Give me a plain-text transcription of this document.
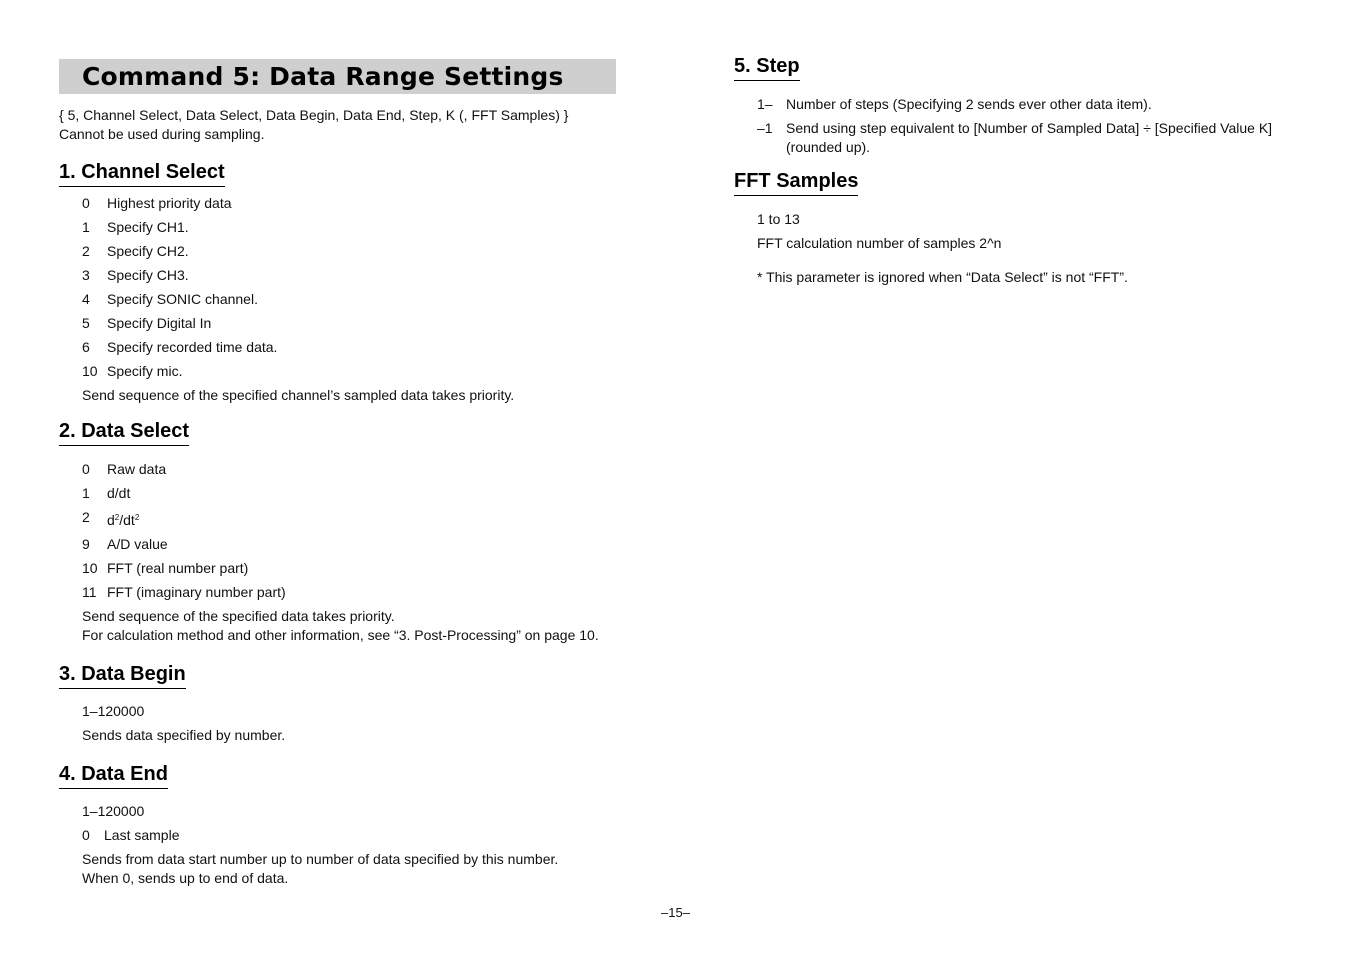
Command 5: Data Range Settings
{ 5, Channel Select, Data Select, Data Begin, Data End, Step, K (, FFT Samples) }
Cannot be used during sampling.
1. Channel Select
0	Highest priority data
1	Specify CH1.
2	Specify CH2.
3	Specify CH3.
4	Specify SONIC channel.
5	Specify Digital In
6	Specify recorded time data.
10 Specify mic.
Send sequence of the specified channel’s sampled data takes priority.
2. Data Select
0	Raw data
1	d/dt
2	$d^2/dt^2$
9	A/D value
10 FFT (real number part)
11 FFT (imaginary number part)
Send sequence of the specified data takes priority.
For calculation method and other information, see “3. Post-Processing” on page 10.
3. Data Begin
1–120000
Sends data specified by number.
4. Data End
1–120000
0	Last sample
Sends from data start number up to number of data specified by this number.
When 0, sends up to end of data.
5. Step
1– Number of steps (Specifying 2 sends ever other data item).
–1 Send using step equivalent to [Number of Sampled Data] ÷ [Specified Value K] (rounded up).
FFT Samples
1 to 13
FFT calculation number of samples 2^n
* This parameter is ignored when “Data Select” is not “FFT”.
–15–
